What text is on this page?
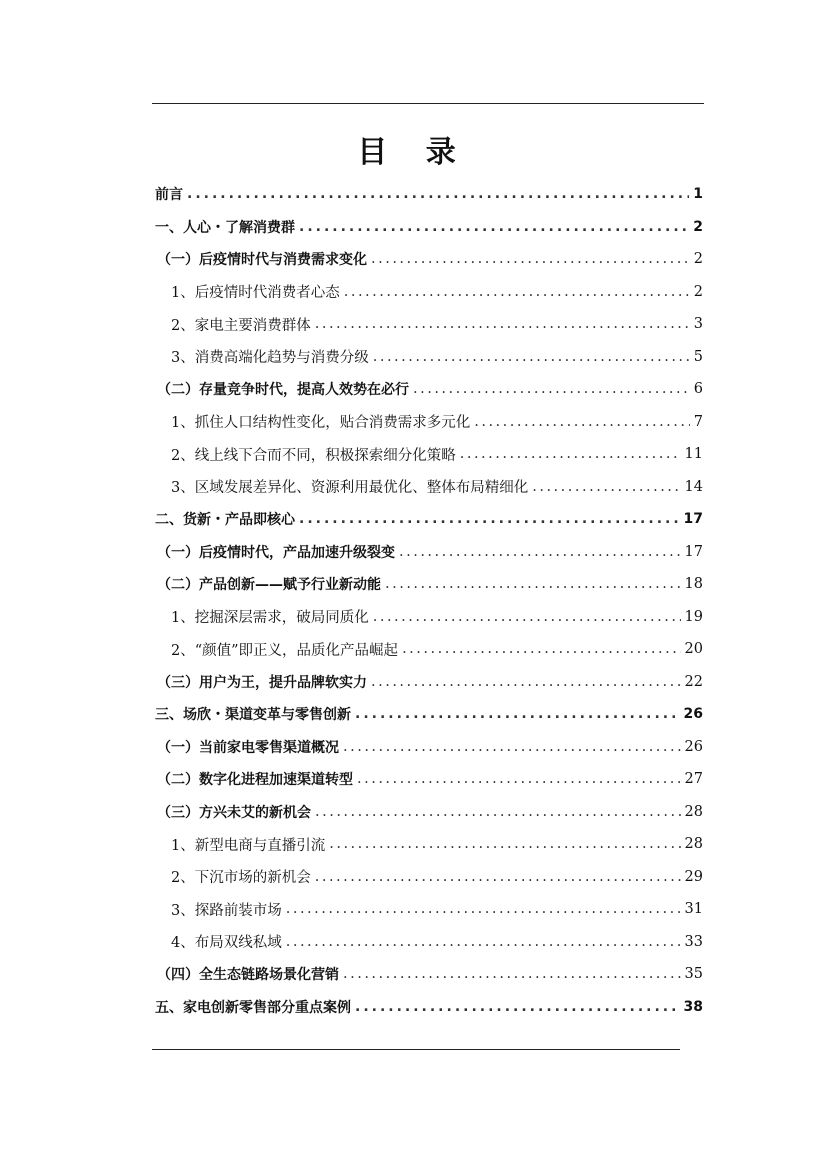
目 录
前言 .....	1
一、人心・了解消费群 .....	2
（一）后疫情时代与消费需求变化 .....	2
1、后疫情时代消费者心态 .....	2
2、家电主要消费群体 .....	3
3、消费高端化趋势与消费分级 .....	5
（二）存量竞争时代，提高人效势在必行 .....	6
1、抓住人口结构性变化，贴合消费需求多元化 .....	7
2、线上线下合而不同，积极探索细分化策略 .....	11
3、区域发展差异化、资源利用最优化、整体布局精细化 .....	14
二、货新・产品即核心 .....	17
（一）后疫情时代，产品加速升级裂变 .....	17
（二）产品创新——赋予行业新动能 .....	18
1、挖掘深层需求，破局同质化 .....	19
2、“颜值”即正义，品质化产品崛起 .....	20
（三）用户为王，提升品牌软实力 .....	22
三、场欣・渠道变革与零售创新 .....	26
（一）当前家电零售渠道概况 .....	26
（二）数字化进程加速渠道转型 .....	27
（三）方兴未艾的新机会 .....	28
1、新型电商与直播引流 .....	28
2、下沉市场的新机会 .....	29
3、探路前装市场 .....	31
4、布局双线私域 .....	33
（四）全生态链路场景化营销 .....	35
五、家电创新零售部分重点案例 .....	38
